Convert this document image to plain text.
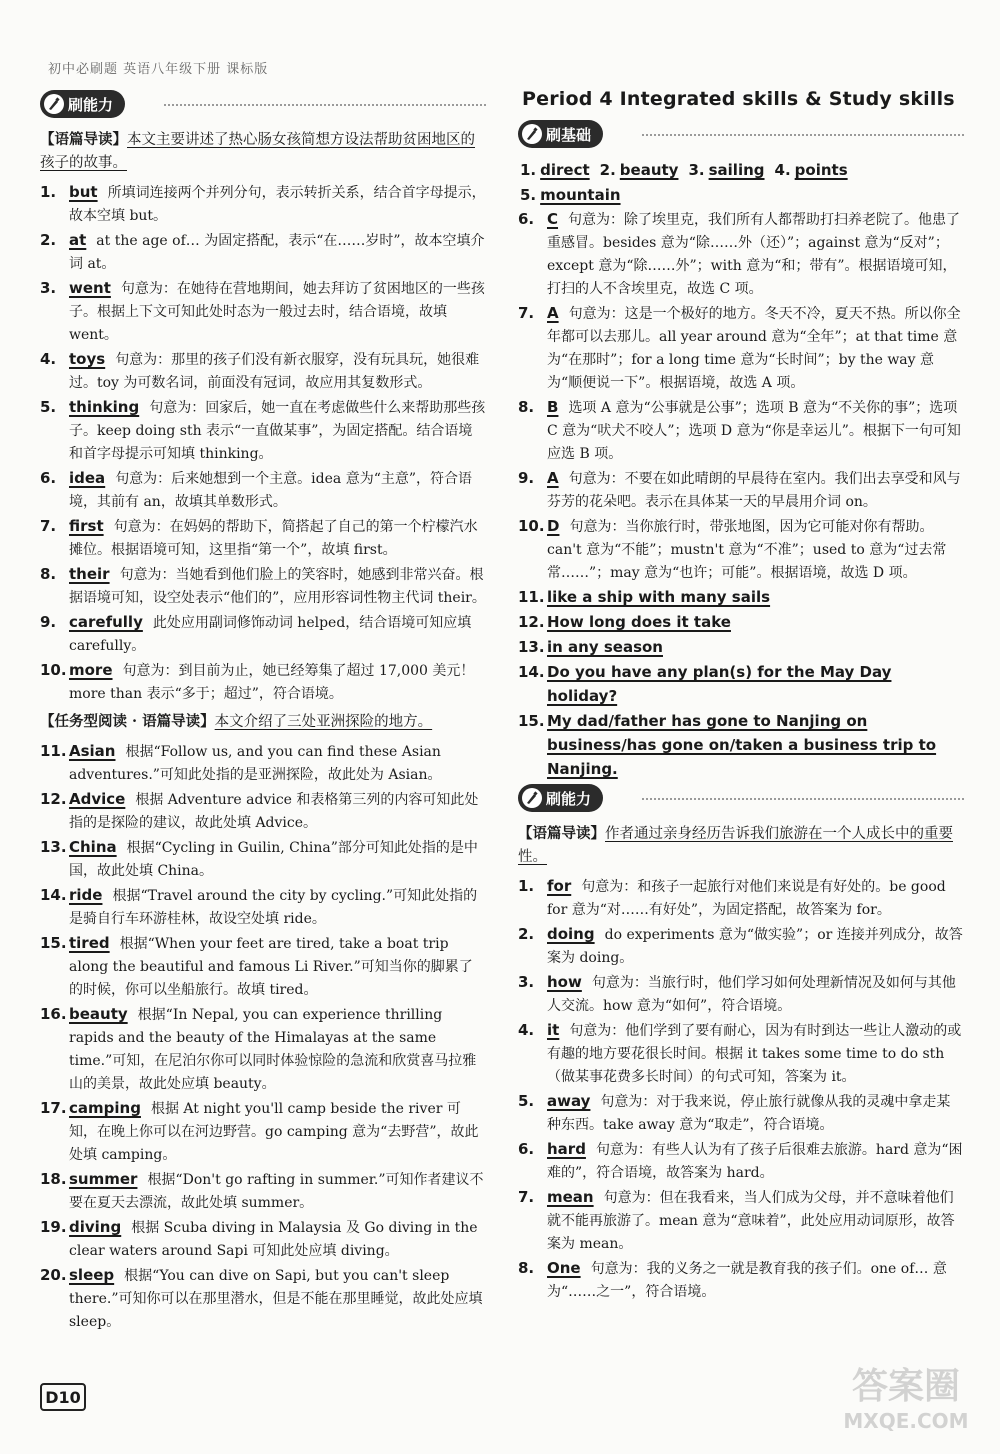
初中必刷题 英语八年级下册 课标版
刷能力
【语篇导读】本文主要讲述了热心肠女孩简想方设法帮助贫困地区的孩子的故事。
1. but 所填词连接两个并列分句，表示转折关系，结合首字母提示，故本空填 but。
2. at at the age of… 为固定搭配，表示“在……岁时”，故本空填介词 at。
3. went 句意为：在她待在营地期间，她去拜访了贫困地区的一些孩子。根据上下文可知此处时态为一般过去时，结合语境，故填 went。
4. toys 句意为：那里的孩子们没有新衣服穿，没有玩具玩，她很难过。toy 为可数名词，前面没有冠词，故应用其复数形式。
5. thinking 句意为：回家后，她一直在考虑做些什么来帮助那些孩子。keep doing sth 表示“一直做某事”，为固定搭配。结合语境和首字母提示可知填 thinking。
6. idea 句意为：后来她想到一个主意。idea 意为“主意”，符合语境，其前有 an，故填其单数形式。
7. first 句意为：在妈妈的帮助下，简搭起了自己的第一个柠檬汽水摊位。根据语境可知，这里指“第一个”，故填 first。
8. their 句意为：当她看到他们脸上的笑容时，她感到非常兴奋。根据语境可知，设空处表示“他们的”，应用形容词性物主代词 their。
9. carefully 此处应用副词修饰动词 helped，结合语境可知应填 carefully。
10. more 句意为：到目前为止，她已经筹集了超过 17,000 美元！more than 表示“多于；超过”，符合语境。
【任务型阅读 · 语篇导读】本文介绍了三处亚洲探险的地方。
11. Asian 根据“Follow us, and you can find these Asian adventures.”可知此处指的是亚洲探险，故此处为 Asian。
12. Advice 根据 Adventure advice 和表格第三列的内容可知此处指的是探险的建议，故此处填 Advice。
13. China 根据“Cycling in Guilin, China”部分可知此处指的是中国，故此处填 China。
14. ride 根据“Travel around the city by cycling.”可知此处指的是骑自行车环游桂林，故设空处填 ride。
15. tired 根据“When your feet are tired, take a boat trip along the beautiful and famous Li River.”可知当你的脚累了的时候，你可以坐船旅行。故填 tired。
16. beauty 根据“In Nepal, you can experience thrilling rapids and the beauty of the Himalayas at the same time.”可知，在尼泊尔你可以同时体验惊险的急流和欣赏喜马拉雅山的美景，故此处应填 beauty。
17. camping 根据 At night you'll camp beside the river 可知，在晚上你可以在河边野营。go camping 意为“去野营”，故此处填 camping。
18. summer 根据“Don't go rafting in summer.”可知作者建议不要在夏天去漂流，故此处填 summer。
19. diving 根据 Scuba diving in Malaysia 及 Go diving in the clear waters around Sapi 可知此处应填 diving。
20. sleep 根据“You can dive on Sapi, but you can't sleep there.”可知你可以在那里潜水，但是不能在那里睡觉，故此处应填 sleep。
Period 4 Integrated skills & Study skills
刷基础
1. direct 2. beauty 3. sailing 4. points
5. mountain
6. C 句意为：除了埃里克，我们所有人都帮助打扫养老院了。他患了重感冒。besides 意为“除……外（还）”；against 意为“反对”；except 意为“除……外”；with 意为“和；带有”。根据语境可知，打扫的人不含埃里克，故选 C 项。
7. A 句意为：这是一个极好的地方。冬天不冷，夏天不热。所以你全年都可以去那儿。all year around 意为“全年”；at that time 意为“在那时”；for a long time 意为“长时间”；by the way 意为“顺便说一下”。根据语境，故选 A 项。
8. B 选项 A 意为“公事就是公事”；选项 B 意为“不关你的事”；选项 C 意为“吠犬不咬人”；选项 D 意为“你是幸运儿”。根据下一句可知应选 B 项。
9. A 句意为：不要在如此晴朗的早晨待在室内。我们出去享受和风与芬芳的花朵吧。表示在具体某一天的早晨用介词 on。
10. D 句意为：当你旅行时，带张地图，因为它可能对你有帮助。can't 意为“不能”；mustn't 意为“不准”；used to 意为“过去常常……”；may 意为“也许；可能”。根据语境，故选 D 项。
11. like a ship with many sails
12. How long does it take
13. in any season
14. Do you have any plan(s) for the May Day holiday?
15. My dad/father has gone to Nanjing on business/has gone on/taken a business trip to Nanjing.
刷能力
【语篇导读】作者通过亲身经历告诉我们旅游在一个人成长中的重要性。
1. for 句意为：和孩子一起旅行对他们来说是有好处的。be good for 意为“对……有好处”，为固定搭配，故答案为 for。
2. doing do experiments 意为“做实验”；or 连接并列成分，故答案为 doing。
3. how 句意为：当旅行时，他们学习如何处理新情况及如何与其他人交流。how 意为“如何”，符合语境。
4. it 句意为：他们学到了要有耐心，因为有时到达一些让人激动的或有趣的地方要花很长时间。根据 it takes some time to do sth（做某事花费多长时间）的句式可知，答案为 it。
5. away 句意为：对于我来说，停止旅行就像从我的灵魂中拿走某种东西。take away 意为“取走”，符合语境。
6. hard 句意为：有些人认为有了孩子后很难去旅游。hard 意为“困难的”，符合语境，故答案为 hard。
7. mean 句意为：但在我看来，当人们成为父母，并不意味着他们就不能再旅游了。mean 意为“意味着”，此处应用动词原形，故答案为 mean。
8. One 句意为：我的义务之一就是教育我的孩子们。one of… 意为“……之一”，符合语境。
D10	答案圈
MXQE.COM
